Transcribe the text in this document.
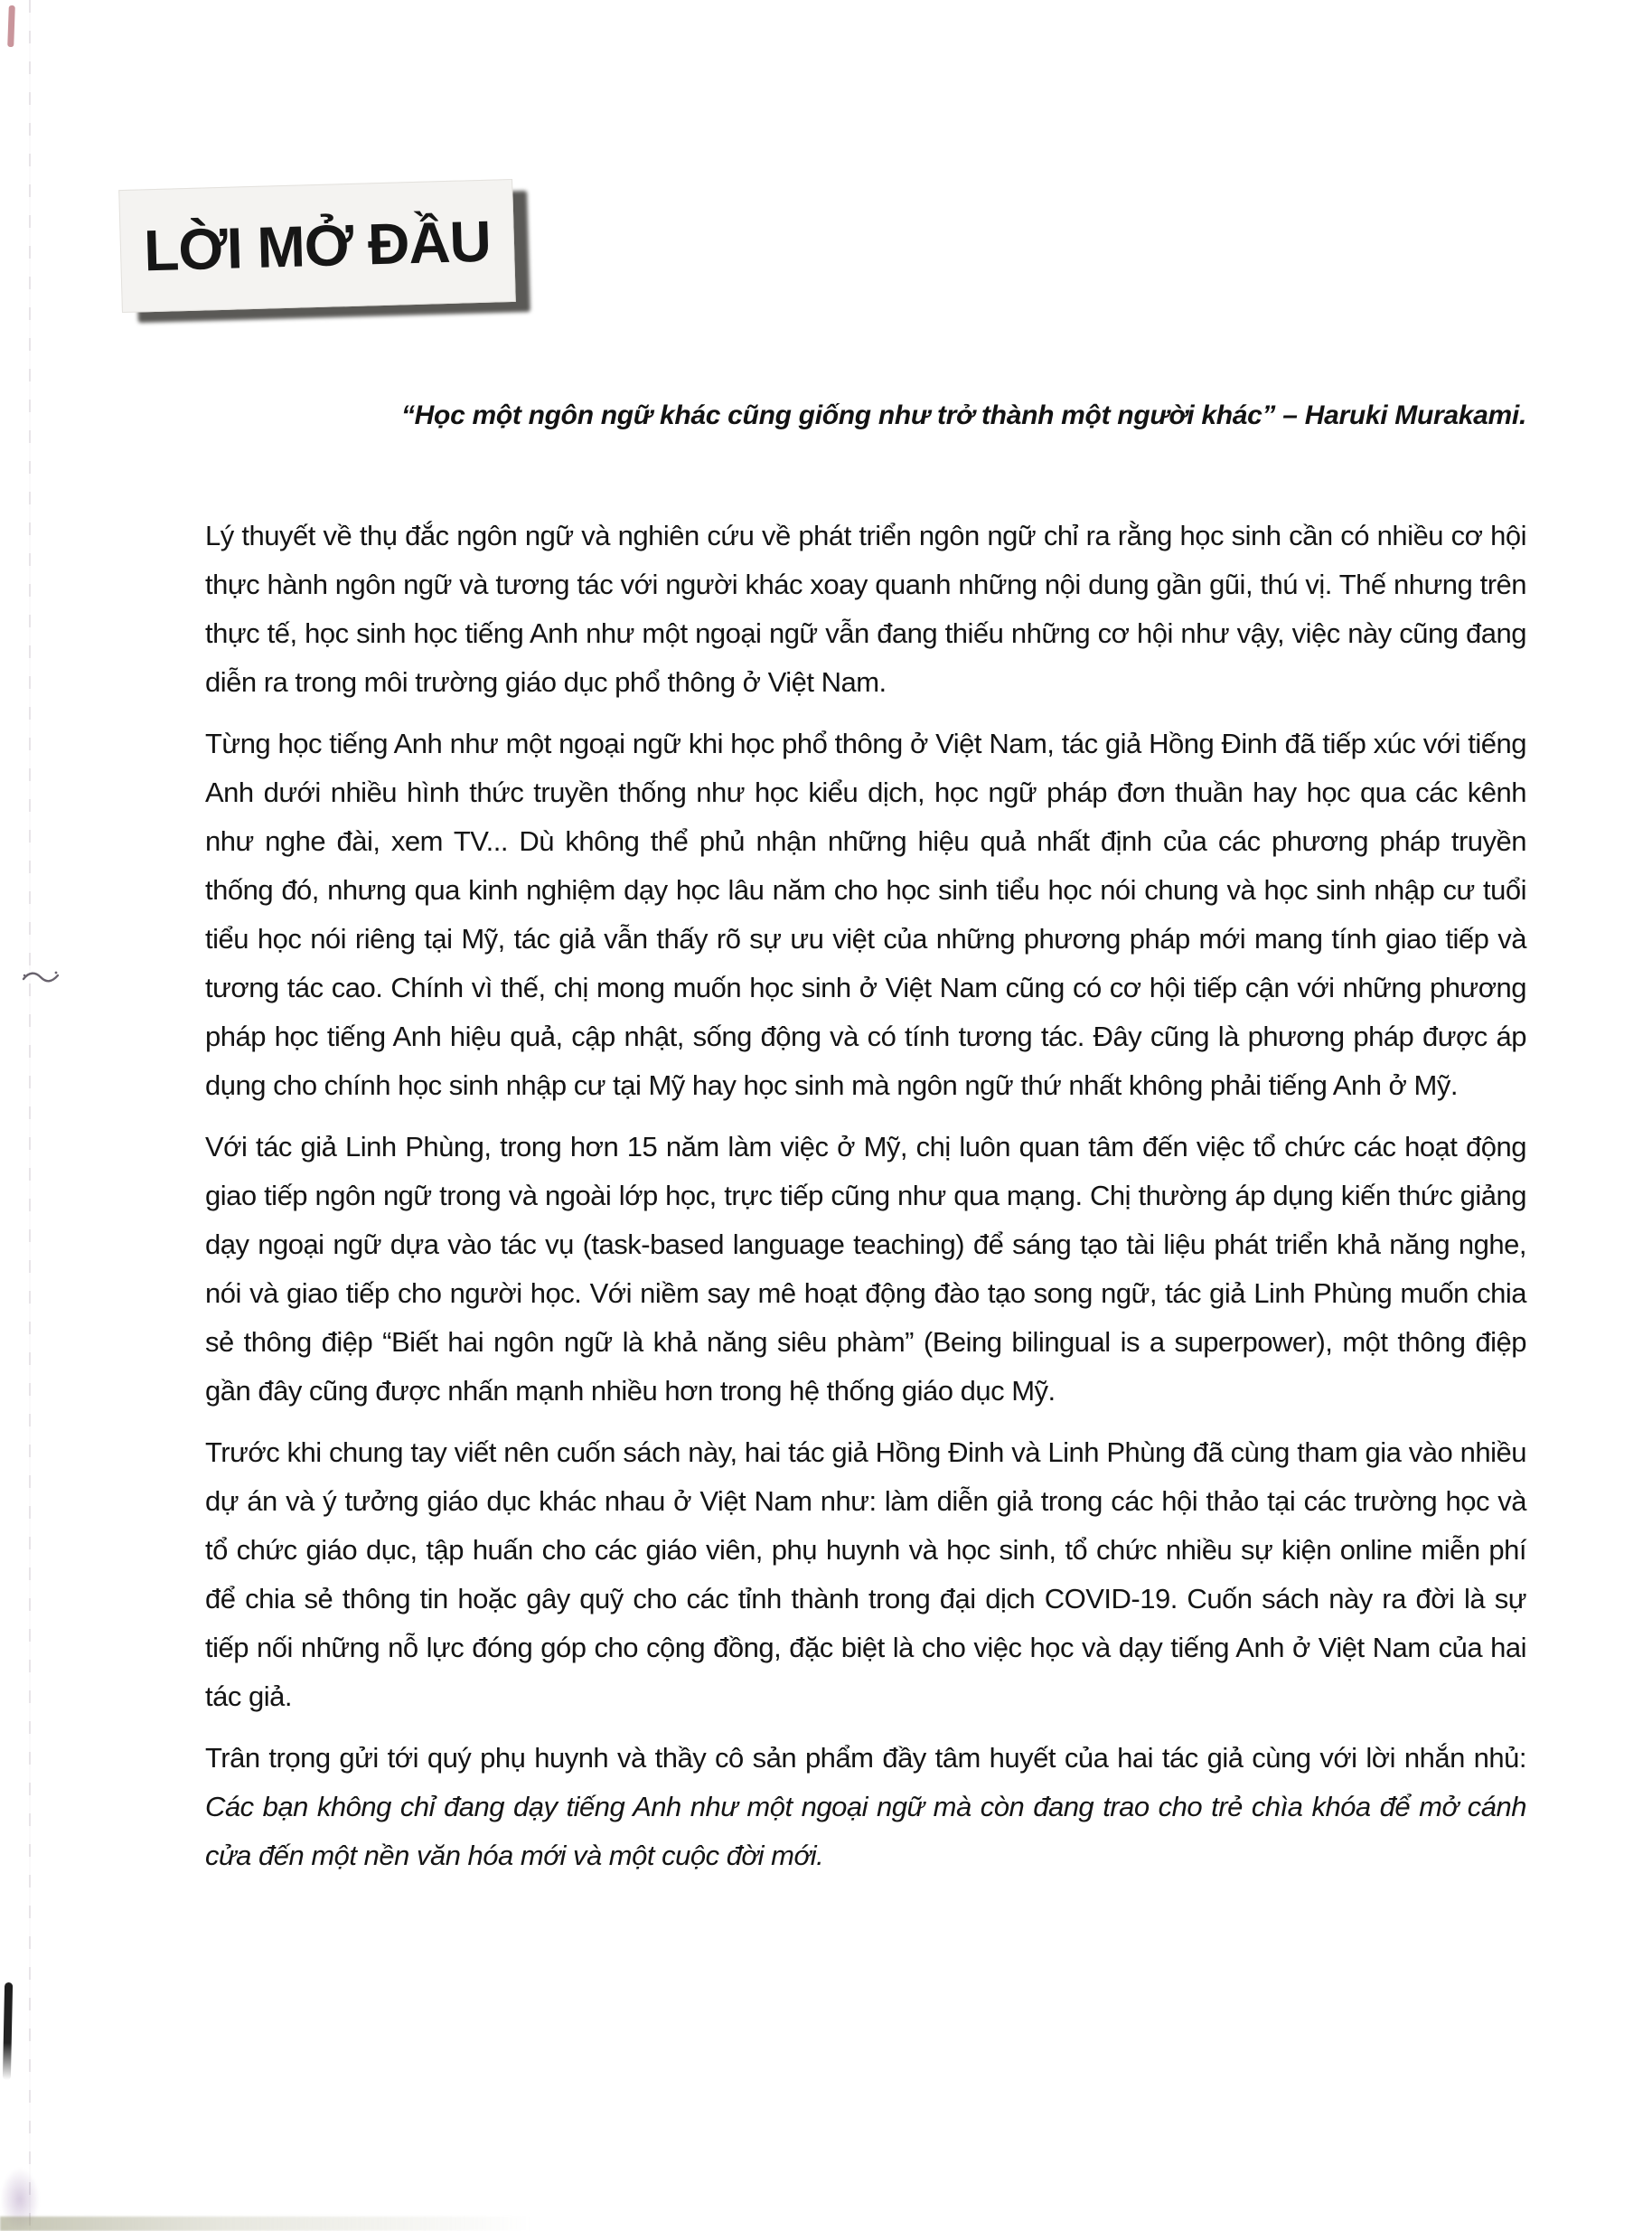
LỜI MỞ ĐẦU
“Học một ngôn ngữ khác cũng giống như trở thành một người khác” – Haruki Murakami.

Lý thuyết về thụ đắc ngôn ngữ và nghiên cứu về phát triển ngôn ngữ chỉ ra rằng học sinh cần có nhiều cơ hội thực hành ngôn ngữ và tương tác với người khác xoay quanh những nội dung gần gũi, thú vị. Thế nhưng trên thực tế, học sinh học tiếng Anh như một ngoại ngữ vẫn đang thiếu những cơ hội như vậy, việc này cũng đang diễn ra trong môi trường giáo dục phổ thông ở Việt Nam.

Từng học tiếng Anh như một ngoại ngữ khi học phổ thông ở Việt Nam, tác giả Hồng Đinh đã tiếp xúc với tiếng Anh dưới nhiều hình thức truyền thống như học kiểu dịch, học ngữ pháp đơn thuần hay học qua các kênh như nghe đài, xem TV... Dù không thể phủ nhận những hiệu quả nhất định của các phương pháp truyền thống đó, nhưng qua kinh nghiệm dạy học lâu năm cho học sinh tiểu học nói chung và học sinh nhập cư tuổi tiểu học nói riêng tại Mỹ, tác giả vẫn thấy rõ sự ưu việt của những phương pháp mới mang tính giao tiếp và tương tác cao. Chính vì thế, chị mong muốn học sinh ở Việt Nam cũng có cơ hội tiếp cận với những phương pháp học tiếng Anh hiệu quả, cập nhật, sống động và có tính tương tác. Đây cũng là phương pháp được áp dụng cho chính học sinh nhập cư tại Mỹ hay học sinh mà ngôn ngữ thứ nhất không phải tiếng Anh ở Mỹ.

Với tác giả Linh Phùng, trong hơn 15 năm làm việc ở Mỹ, chị luôn quan tâm đến việc tổ chức các hoạt động giao tiếp ngôn ngữ trong và ngoài lớp học, trực tiếp cũng như qua mạng. Chị thường áp dụng kiến thức giảng dạy ngoại ngữ dựa vào tác vụ (task-based language teaching) để sáng tạo tài liệu phát triển khả năng nghe, nói và giao tiếp cho người học. Với niềm say mê hoạt động đào tạo song ngữ, tác giả Linh Phùng muốn chia sẻ thông điệp “Biết hai ngôn ngữ là khả năng siêu phàm” (Being bilingual is a superpower), một thông điệp gần đây cũng được nhấn mạnh nhiều hơn trong hệ thống giáo dục Mỹ.

Trước khi chung tay viết nên cuốn sách này, hai tác giả Hồng Đinh và Linh Phùng đã cùng tham gia vào nhiều dự án và ý tưởng giáo dục khác nhau ở Việt Nam như: làm diễn giả trong các hội thảo tại các trường học và tổ chức giáo dục, tập huấn cho các giáo viên, phụ huynh và học sinh, tổ chức nhiều sự kiện online miễn phí để chia sẻ thông tin hoặc gây quỹ cho các tỉnh thành trong đại dịch COVID-19. Cuốn sách này ra đời là sự tiếp nối những nỗ lực đóng góp cho cộng đồng, đặc biệt là cho việc học và dạy tiếng Anh ở Việt Nam của hai tác giả.

Trân trọng gửi tới quý phụ huynh và thầy cô sản phẩm đầy tâm huyết của hai tác giả cùng với lời nhắn nhủ: Các bạn không chỉ đang dạy tiếng Anh như một ngoại ngữ mà còn đang trao cho trẻ chìa khóa để mở cánh cửa đến một nền văn hóa mới và một cuộc đời mới.
